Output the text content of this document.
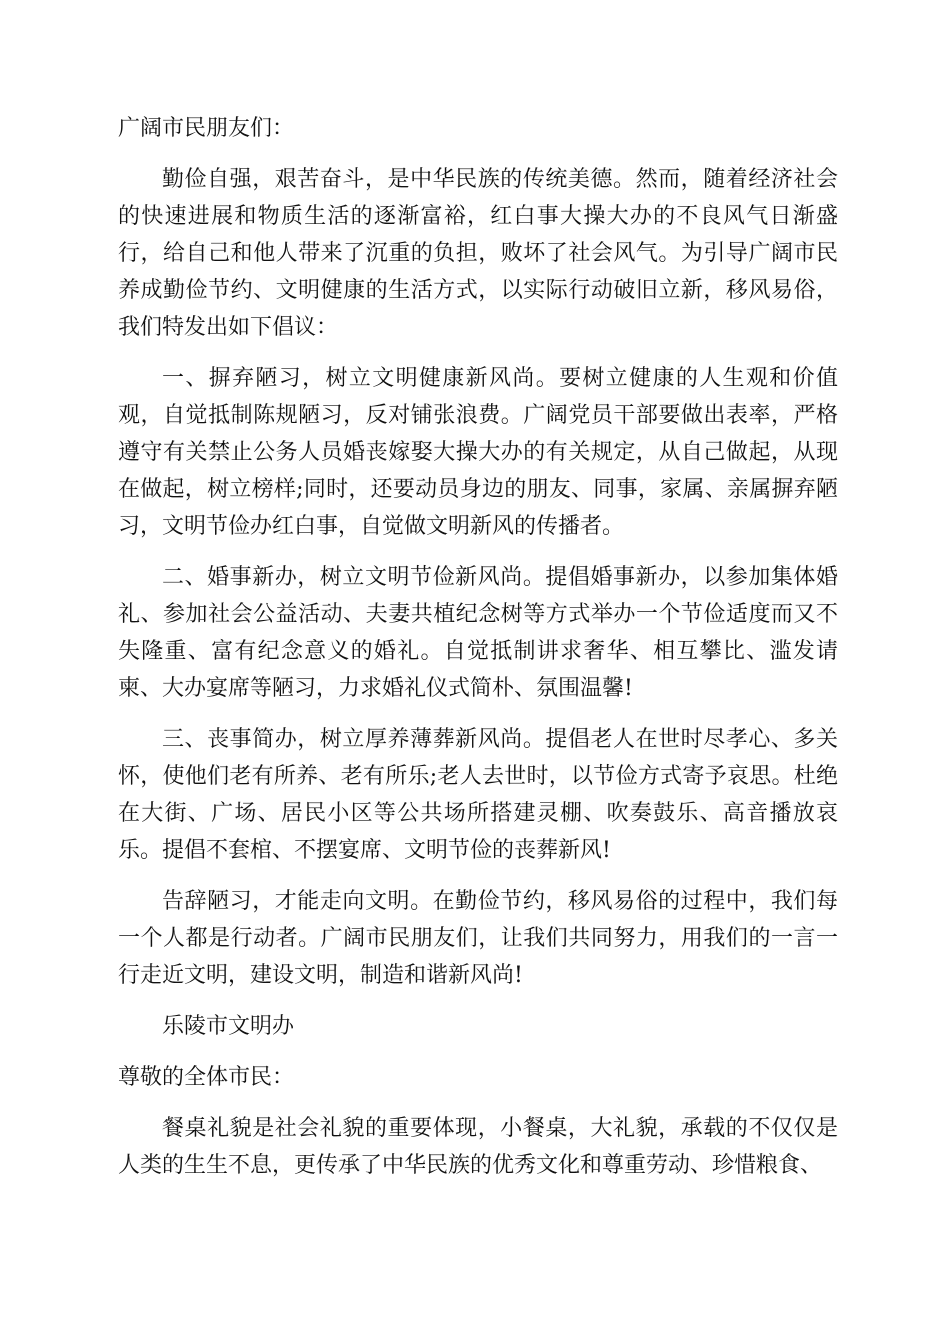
广阔市民朋友们：

勤俭自强，艰苦奋斗，是中华民族的传统美德。然而，随着经济社会的快速进展和物质生活的逐渐富裕，红白事大操大办的不良风气日渐盛行，给自己和他人带来了沉重的负担，败坏了社会风气。为引导广阔市民养成勤俭节约、文明健康的生活方式，以实际行动破旧立新，移风易俗，我们特发出如下倡议：

一、摒弃陋习，树立文明健康新风尚。要树立健康的人生观和价值观，自觉抵制陈规陋习，反对铺张浪费。广阔党员干部要做出表率，严格遵守有关禁止公务人员婚丧嫁娶大操大办的有关规定，从自己做起，从现在做起，树立榜样;同时，还要动员身边的朋友、同事，家属、亲属摒弃陋习，文明节俭办红白事，自觉做文明新风的传播者。

二、婚事新办，树立文明节俭新风尚。提倡婚事新办，以参加集体婚礼、参加社会公益活动、夫妻共植纪念树等方式举办一个节俭适度而又不失隆重、富有纪念意义的婚礼。自觉抵制讲求奢华、相互攀比、滥发请柬、大办宴席等陋习，力求婚礼仪式简朴、氛围温馨!

三、丧事简办，树立厚养薄葬新风尚。提倡老人在世时尽孝心、多关怀，使他们老有所养、老有所乐;老人去世时，以节俭方式寄予哀思。杜绝在大街、广场、居民小区等公共场所搭建灵棚、吹奏鼓乐、高音播放哀乐。提倡不套棺、不摆宴席、文明节俭的丧葬新风!

告辞陋习，才能走向文明。在勤俭节约，移风易俗的过程中，我们每一个人都是行动者。广阔市民朋友们，让我们共同努力，用我们的一言一行走近文明，建设文明，制造和谐新风尚!

乐陵市文明办

尊敬的全体市民：

餐桌礼貌是社会礼貌的重要体现，小餐桌，大礼貌，承载的不仅仅是人类的生生不息，更传承了中华民族的优秀文化和尊重劳动、珍惜粮食、
